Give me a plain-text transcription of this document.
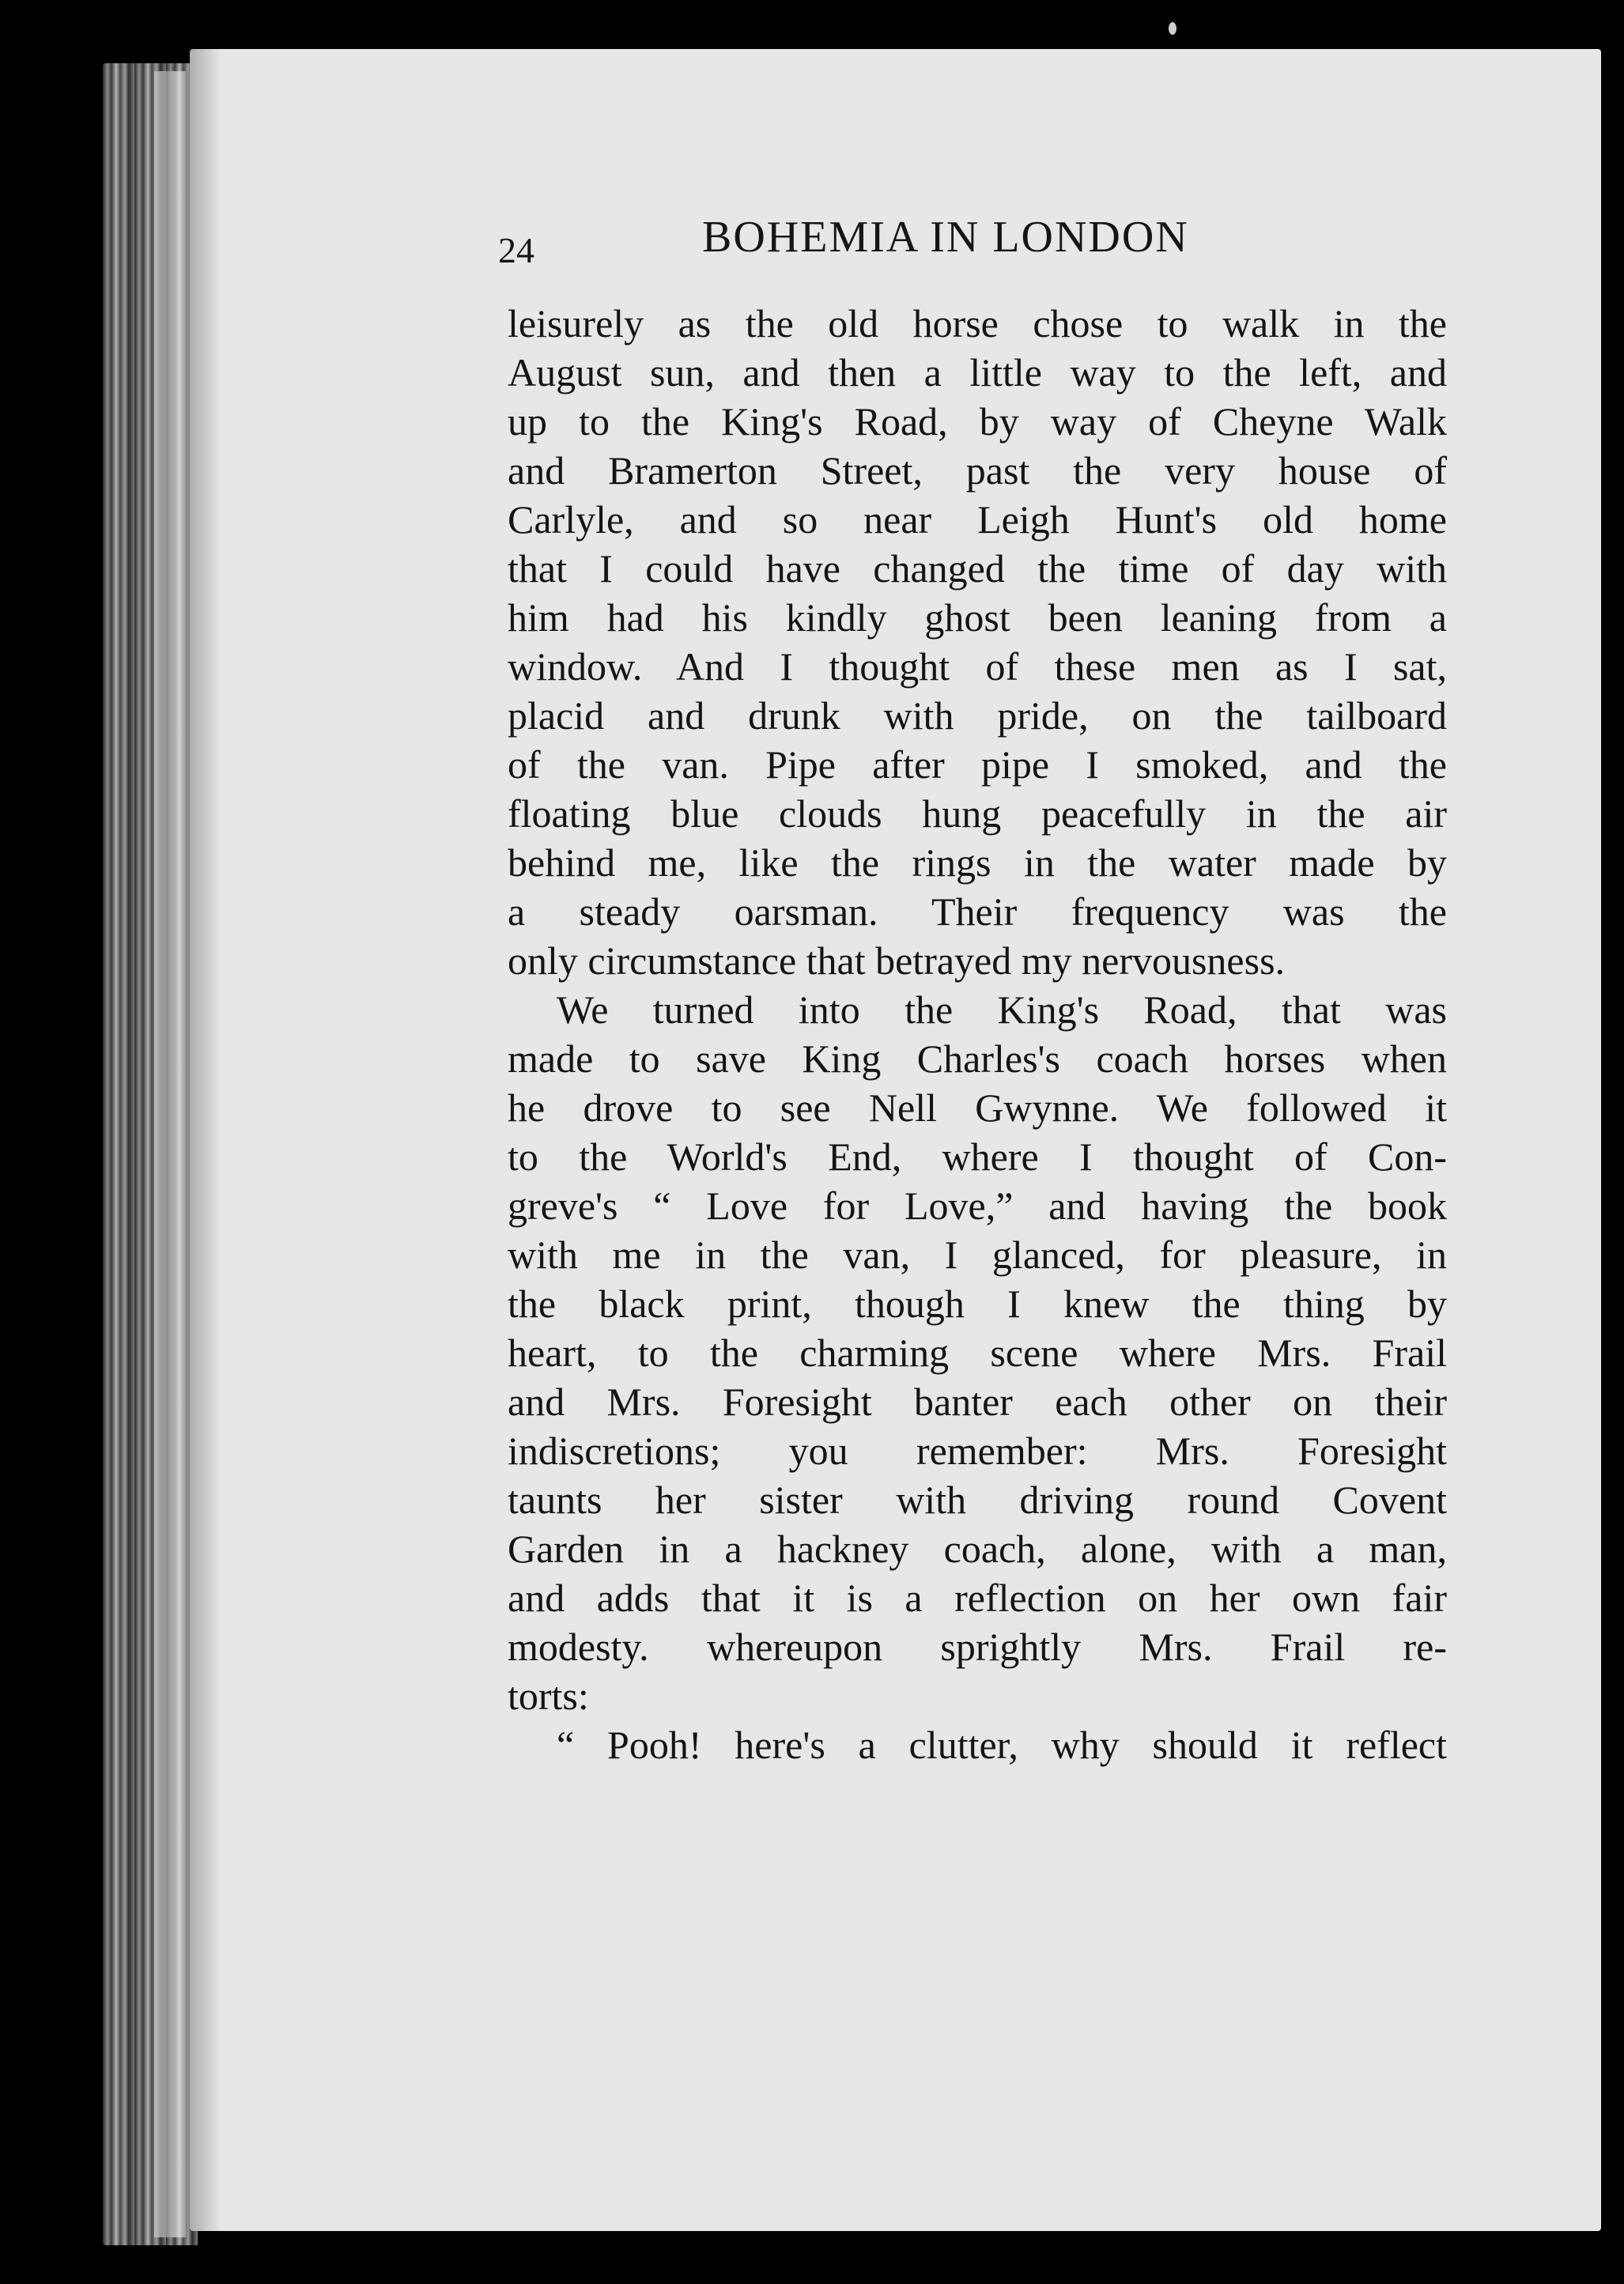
24	BOHEMIA IN LONDON
leisurely as the old horse chose to walk in the
August sun, and then a little way to the left, and
up to the King's Road, by way of Cheyne Walk
and Bramerton Street, past the very house of
Carlyle, and so near Leigh Hunt's old home
that I could have changed the time of day with
him had his kindly ghost been leaning from a
window. And I thought of these men as I sat,
placid and drunk with pride, on the tailboard
of the van. Pipe after pipe I smoked, and the
floating blue clouds hung peacefully in the air
behind me, like the rings in the water made by
a steady oarsman. Their frequency was the
only circumstance that betrayed my nervousness.
We turned into the King's Road, that was
made to save King Charles's coach horses when
he drove to see Nell Gwynne. We followed it
to the World's End, where I thought of Con-
greve's “ Love for Love,” and having the book
with me in the van, I glanced, for pleasure, in
the black print, though I knew the thing by
heart, to the charming scene where Mrs. Frail
and Mrs. Foresight banter each other on their
indiscretions; you remember: Mrs. Foresight
taunts her sister with driving round Covent
Garden in a hackney coach, alone, with a man,
and adds that it is a reflection on her own fair
modesty. whereupon sprightly Mrs. Frail re-
torts:
“ Pooh! here's a clutter, why should it reflect
